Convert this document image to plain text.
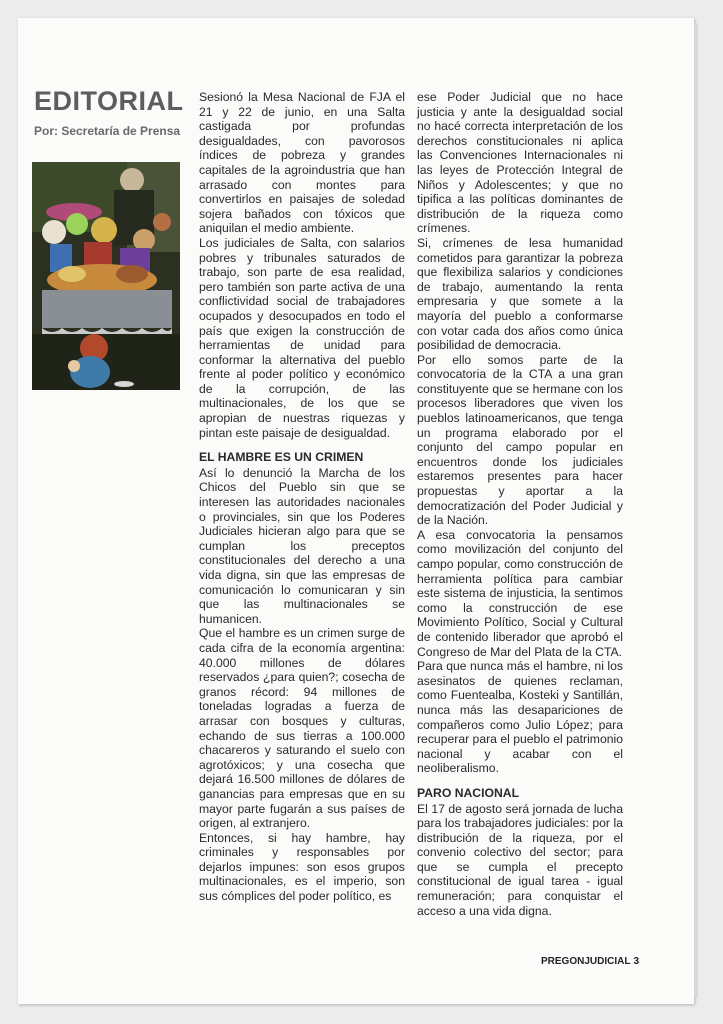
EDITORIAL
Por: Secretaría de Prensa

Sesionó la Mesa Nacional de FJA el 21 y 22 de junio, en una Salta castigada por profundas desigualdades, con pavorosos índices de pobreza y grandes capitales de la agroindustria que han arrasado con montes para convertirlos en paisajes de soledad sojera bañados con tóxicos que aniquilan el medio ambiente.

Los judiciales de Salta, con salarios pobres y tribunales saturados de trabajo, son parte de esa realidad, pero también son parte activa de una conflictividad social de trabajadores ocupados y desocupados en todo el país que exigen la construcción de herramientas de unidad para conformar la alternativa del pueblo frente al poder político y económico de la corrupción, de las multinacionales, de los que se apropian de nuestras riquezas y pintan este paisaje de desigualdad.

EL HAMBRE ES UN CRIMEN

Así lo denunció la Marcha de los Chicos del Pueblo sin que se interesen las autoridades nacionales o provinciales, sin que los Poderes Judiciales hicieran algo para que se cumplan los preceptos constitucionales del derecho a una vida digna, sin que las empresas de comunicación lo comunicaran y sin que las multinacionales se humanicen.

Que el hambre es un crimen surge de cada cifra de la economía argentina: 40.000 millones de dólares reservados ¿para quien?; cosecha de granos récord: 94 millones de toneladas logradas a fuerza de arrasar con bosques y culturas, echando de sus tierras a 100.000 chacareros y saturando el suelo con agrotóxicos; y una cosecha que dejará 16.500 millones de dólares de ganancias para empresas que en su mayor parte fugarán a sus países de origen, al extranjero.

Entonces, si hay hambre, hay criminales y responsables por dejarlos impunes: son esos grupos multinacionales, es el imperio, son sus cómplices del poder político, es

ese Poder Judicial que no hace justicia y ante la desigualdad social no hacé correcta interpretación de los derechos constitucionales ni aplica las Convenciones Internacionales ni las leyes de Protección Integral de Niños y Adolescentes; y que no tipifica a las políticas dominantes de distribución de la riqueza como crímenes.

Si, crímenes de lesa humanidad cometidos para garantizar la pobreza que flexibiliza salarios y condiciones de trabajo, aumentando la renta empresaria y que somete a la mayoría del pueblo a conformarse con votar cada dos años como única posibilidad de democracia.

Por ello somos parte de la convocatoria de la CTA a una gran constituyente que se hermane con los procesos liberadores que viven los pueblos latinoamericanos, que tenga un programa elaborado por el conjunto del campo popular en encuentros donde los judiciales estaremos presentes para hacer propuestas y aportar a la democratización del Poder Judicial y de la Nación.

A esa convocatoria la pensamos como movilización del conjunto del campo popular, como construcción de herramienta política para cambiar este sistema de injusticia, la sentimos como la construcción de ese Movimiento Político, Social y Cultural de contenido liberador que aprobó el Congreso de Mar del Plata de la CTA.

Para que nunca más el hambre, ni los asesinatos de quienes reclaman, como Fuentealba, Kosteki y Santillán, nunca más las desapariciones de compañeros como Julio López; para recuperar para el pueblo el patrimonio nacional y acabar con el neoliberalismo.

PARO NACIONAL

El 17 de agosto será jornada de lucha para los trabajadores judiciales: por la distribución de la riqueza, por el convenio colectivo del sector; para que se cumpla el precepto constitucional de igual tarea - igual remuneración; para conquistar el acceso a una vida digna.

PREGONJUDICIAL 3
